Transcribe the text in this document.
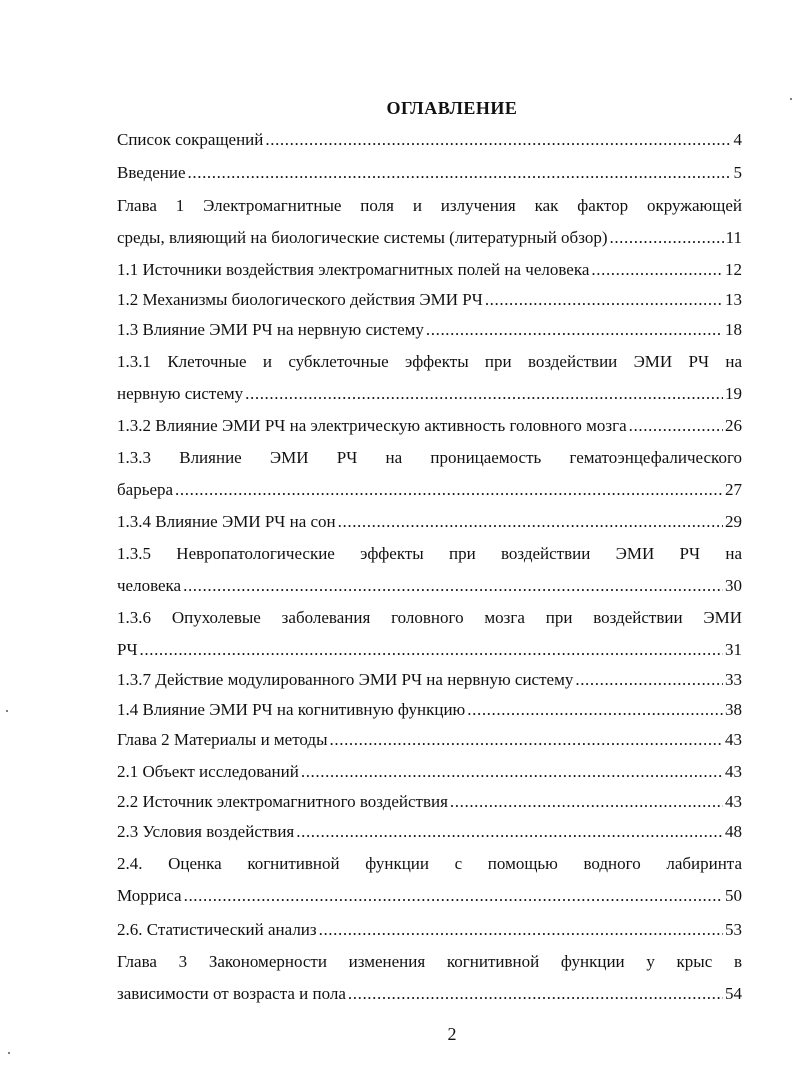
ОГЛАВЛЕНИЕ
Список сокращений .....	4
Введение .....	5
Глава 1 Электромагнитные поля и излучения как фактор окружающей
среды, влияющий на биологические системы (литературный обзор) .....	11
1.1 Источники воздействия электромагнитных полей на человека .....	12
1.2 Механизмы биологического действия ЭМИ РЧ .....	13
1.3 Влияние ЭМИ РЧ на нервную систему .....	18
1.3.1 Клеточные и субклеточные эффекты при воздействии ЭМИ РЧ на
нервную систему .....	19
1.3.2 Влияние ЭМИ РЧ на электрическую активность головного мозга .....	26
1.3.3 Влияние ЭМИ РЧ на проницаемость гематоэнцефалического
барьера .....	27
1.3.4 Влияние ЭМИ РЧ на сон .....	29
1.3.5 Невропатологические эффекты при воздействии ЭМИ РЧ на
человека .....	30
1.3.6 Опухолевые заболевания головного мозга при воздействии ЭМИ
РЧ .....	31
1.3.7 Действие модулированного ЭМИ РЧ на нервную систему .....	33
1.4 Влияние ЭМИ РЧ на когнитивную функцию .....	38
Глава 2 Материалы и методы .....	43
2.1 Объект исследований .....	43
2.2 Источник электромагнитного воздействия .....	43
2.3 Условия воздействия .....	48
2.4. Оценка когнитивной функции с помощью водного лабиринта
Морриса .....	50
2.6. Статистический анализ .....	53
Глава 3 Закономерности изменения когнитивной функции у крыс в
зависимости от возраста и пола .....	54
2
